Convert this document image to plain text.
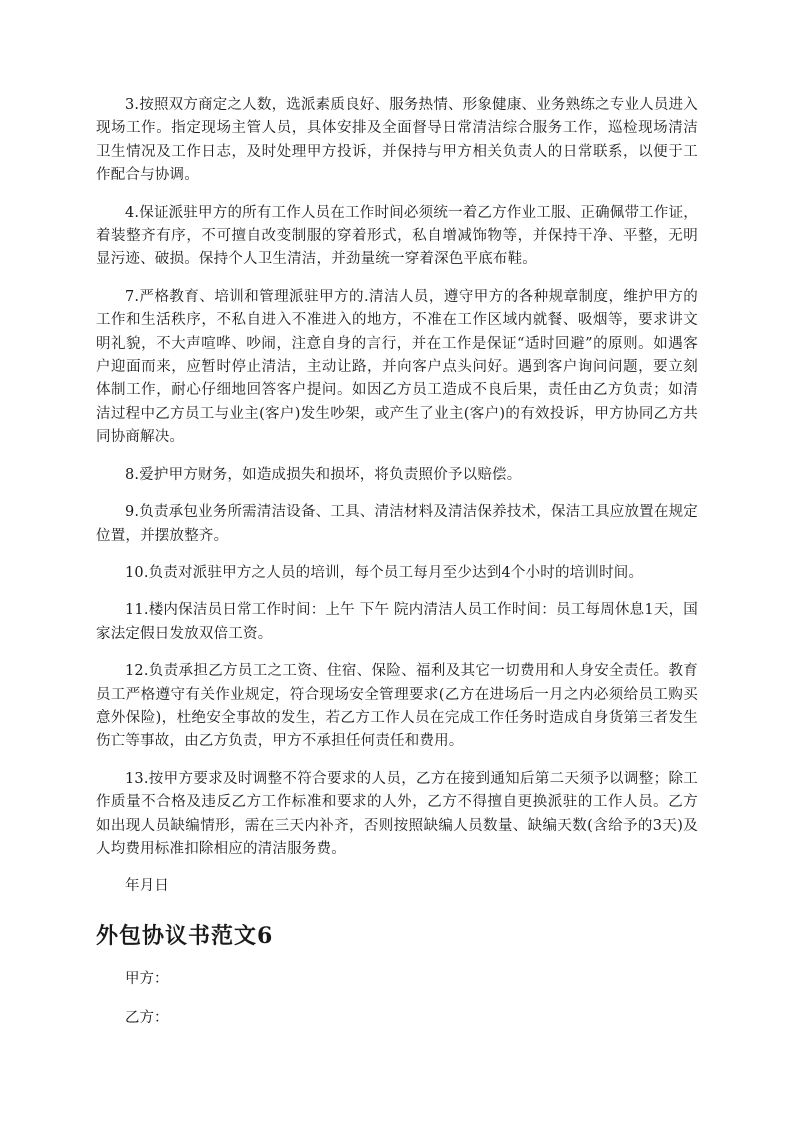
3.按照双方商定之人数，选派素质良好、服务热情、形象健康、业务熟练之专业人员进入现场工作。指定现场主管人员，具体安排及全面督导日常清洁综合服务工作，巡检现场清洁卫生情况及工作日志，及时处理甲方投诉，并保持与甲方相关负责人的日常联系，以便于工作配合与协调。

4.保证派驻甲方的所有工作人员在工作时间必须统一着乙方作业工服、正确佩带工作证，着装整齐有序，不可擅自改变制服的穿着形式，私自增减饰物等，并保持干净、平整，无明显污迹、破损。保持个人卫生清洁，并劲量统一穿着深色平底布鞋。

7.严格教育、培训和管理派驻甲方的.清洁人员，遵守甲方的各种规章制度，维护甲方的工作和生活秩序，不私自进入不准进入的地方，不准在工作区域内就餐、吸烟等，要求讲文明礼貌，不大声喧哗、吵闹，注意自身的言行，并在工作是保证“适时回避”的原则。如遇客户迎面而来，应暂时停止清洁，主动让路，并向客户点头问好。遇到客户询问问题，要立刻体制工作，耐心仔细地回答客户提问。如因乙方员工造成不良后果，责任由乙方负责；如清洁过程中乙方员工与业主(客户)发生吵架，或产生了业主(客户)的有效投诉，甲方协同乙方共同协商解决。

8.爱护甲方财务，如造成损失和损坏，将负责照价予以赔偿。

9.负责承包业务所需清洁设备、工具、清洁材料及清洁保养技术，保洁工具应放置在规定位置，并摆放整齐。

10.负责对派驻甲方之人员的培训，每个员工每月至少达到4个小时的培训时间。

11.楼内保洁员日常工作时间：上午 下午 院内清洁人员工作时间：员工每周休息1天，国家法定假日发放双倍工资。

12.负责承担乙方员工之工资、住宿、保险、福利及其它一切费用和人身安全责任。教育员工严格遵守有关作业规定，符合现场安全管理要求(乙方在进场后一月之内必须给员工购买意外保险)，杜绝安全事故的发生，若乙方工作人员在完成工作任务时造成自身货第三者发生伤亡等事故，由乙方负责，甲方不承担任何责任和费用。

13.按甲方要求及时调整不符合要求的人员，乙方在接到通知后第二天须予以调整；除工作质量不合格及违反乙方工作标准和要求的人外，乙方不得擅自更换派驻的工作人员。乙方如出现人员缺编情形，需在三天内补齐，否则按照缺编人员数量、缺编天数(含给予的3天)及人均费用标准扣除相应的清洁服务费。

年月日

外包协议书范文6

甲方：

乙方：
